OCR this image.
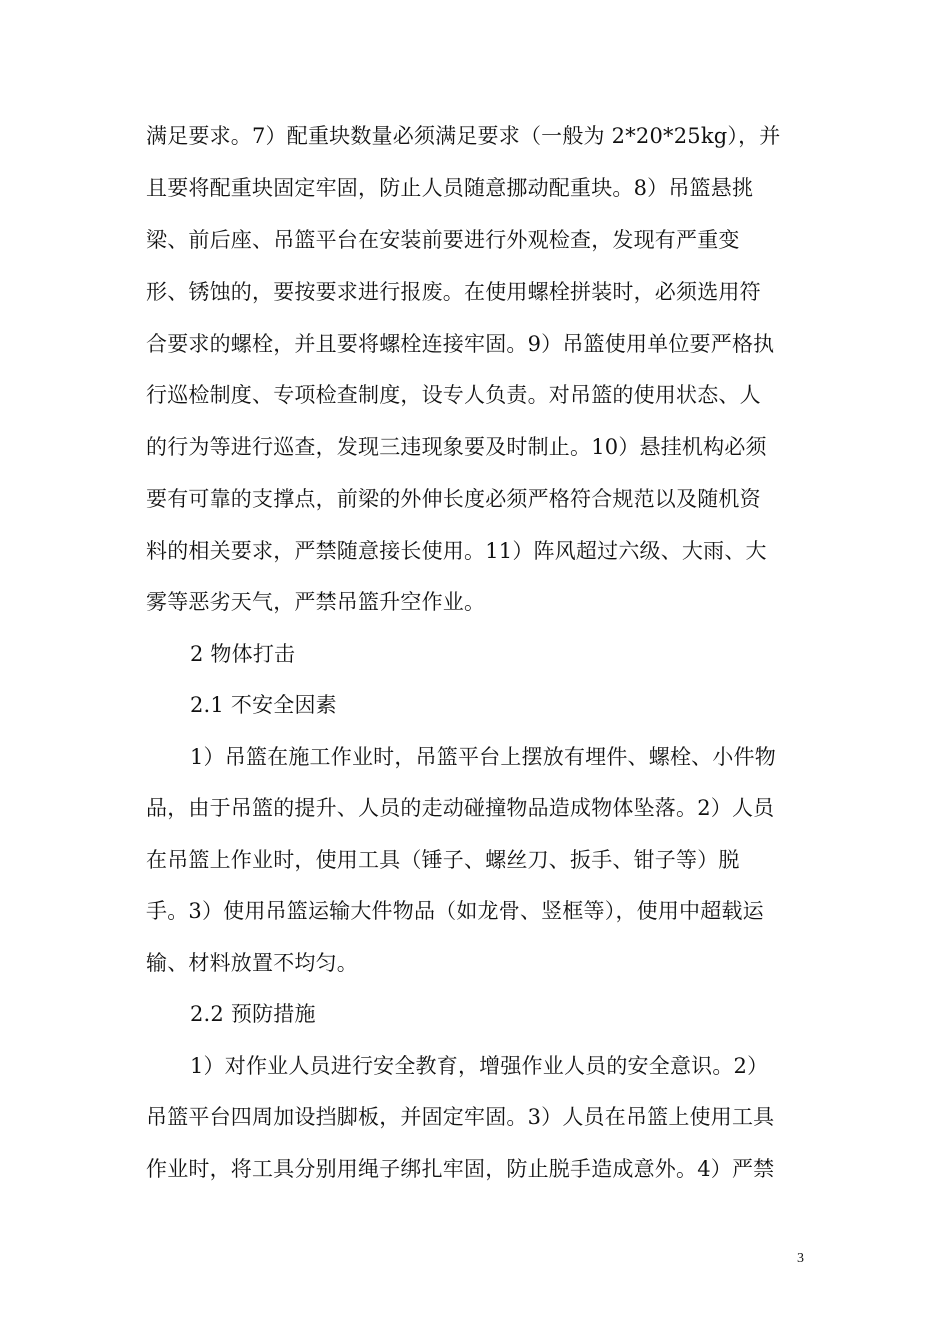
满足要求。7）配重块数量必须满足要求（一般为 2*20*25kg），并
且要将配重块固定牢固，防止人员随意挪动配重块。8）吊篮悬挑
梁、前后座、吊篮平台在安装前要进行外观检查，发现有严重变
形、锈蚀的，要按要求进行报废。在使用螺栓拼装时，必须选用符
合要求的螺栓，并且要将螺栓连接牢固。9）吊篮使用单位要严格执
行巡检制度、专项检查制度，设专人负责。对吊篮的使用状态、人
的行为等进行巡查，发现三违现象要及时制止。10）悬挂机构必须
要有可靠的支撑点，前梁的外伸长度必须严格符合规范以及随机资
料的相关要求，严禁随意接长使用。11）阵风超过六级、大雨、大
雾等恶劣天气，严禁吊篮升空作业。
2 物体打击
2.1 不安全因素
1）吊篮在施工作业时，吊篮平台上摆放有埋件、螺栓、小件物
品，由于吊篮的提升、人员的走动碰撞物品造成物体坠落。2）人员
在吊篮上作业时，使用工具（锤子、螺丝刀、扳手、钳子等）脱
手。3）使用吊篮运输大件物品（如龙骨、竖框等），使用中超载运
输、材料放置不均匀。
2.2 预防措施
1）对作业人员进行安全教育，增强作业人员的安全意识。2）
吊篮平台四周加设挡脚板，并固定牢固。3）人员在吊篮上使用工具
作业时，将工具分别用绳子绑扎牢固，防止脱手造成意外。4）严禁
3
